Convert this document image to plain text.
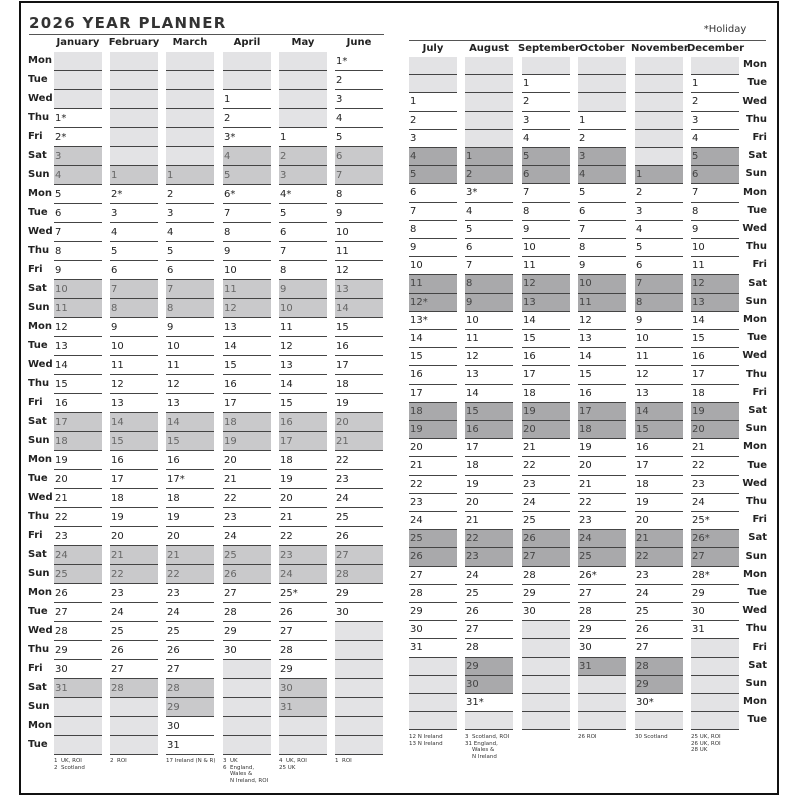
2026 YEAR PLANNER	*Holiday
Mon
Tue
Wed
Thu
Fri
Sat
Sun
Mon
Tue
Wed
Thu
Fri
Sat
Sun
Mon
Tue
Wed
Thu
Fri
Sat
Sun
Mon
Tue
Wed
Thu
Fri
Sat
Sun
Mon
Tue
Wed
Thu
Fri
Sat
Sun
Mon
Tue
January
1*
2*
3
4
5
6
7
8
9
10
11
12
13
14
15
16
17
18
19
20
21
22
23
24
25
26
27
28
29
30
31
1  UK, ROI
2  Scotland
February
1
2*
3
4
5
6
7
8
9
10
11
12
13
14
15
16
17
18
19
20
21
22
23
24
25
26
27
28
2  ROI
March
1
2
3
4
5
6
7
8
9
10
11
12
13
14
15
16
17*
18
19
20
21
22
23
24
25
26
27
28
29
30
31
17 Ireland (N & R)
April
1
2
3*
4
5
6*
7
8
9
10
11
12
13
14
15
16
17
18
19
20
21
22
23
24
25
26
27
28
29
30
3  UK
6  England,
Wales &
N Ireland, ROI
May
1
2
3
4*
5
6
7
8
9
10
11
12
13
14
15
16
17
18
19
20
21
22
23
24
25*
26
27
28
29
30
31
4  UK, ROI
25 UK
June
1*
2
3
4
5
6
7
8
9
10
11
12
13
14
15
16
17
18
19
20
21
22
23
24
25
26
27
28
29
30
1  ROI
Mon
Tue
Wed
Thu
Fri
Sat
Sun
Mon
Tue
Wed
Thu
Fri
Sat
Sun
Mon
Tue
Wed
Thu
Fri
Sat
Sun
Mon
Tue
Wed
Thu
Fri
Sat
Sun
Mon
Tue
Wed
Thu
Fri
Sat
Sun
Mon
Tue
July
1
2
3
4
5
6
7
8
9
10
11
12*
13*
14
15
16
17
18
19
20
21
22
23
24
25
26
27
28
29
30
31
12 N Ireland
13 N Ireland
August
1
2
3*
4
5
6
7
8
9
10
11
12
13
14
15
16
17
18
19
20
21
22
23
24
25
26
27
28
29
30
31*
3  Scotland, ROI
31 England,
Wales &
N Ireland
September
1
2
3
4
5
6
7
8
9
10
11
12
13
14
15
16
17
18
19
20
21
22
23
24
25
26
27
28
29
30
October
1
2
3
4
5
6
7
8
9
10
11
12
13
14
15
16
17
18
19
20
21
22
23
24
25
26*
27
28
29
30
31
26 ROI
November
1
2
3
4
5
6
7
8
9
10
11
12
13
14
15
16
17
18
19
20
21
22
23
24
25
26
27
28
29
30*
30 Scotland
December
1
2
3
4
5
6
7
8
9
10
11
12
13
14
15
16
17
18
19
20
21
22
23
24
25*
26*
27
28*
29
30
31
25 UK, ROI
26 UK, ROI
28 UK
